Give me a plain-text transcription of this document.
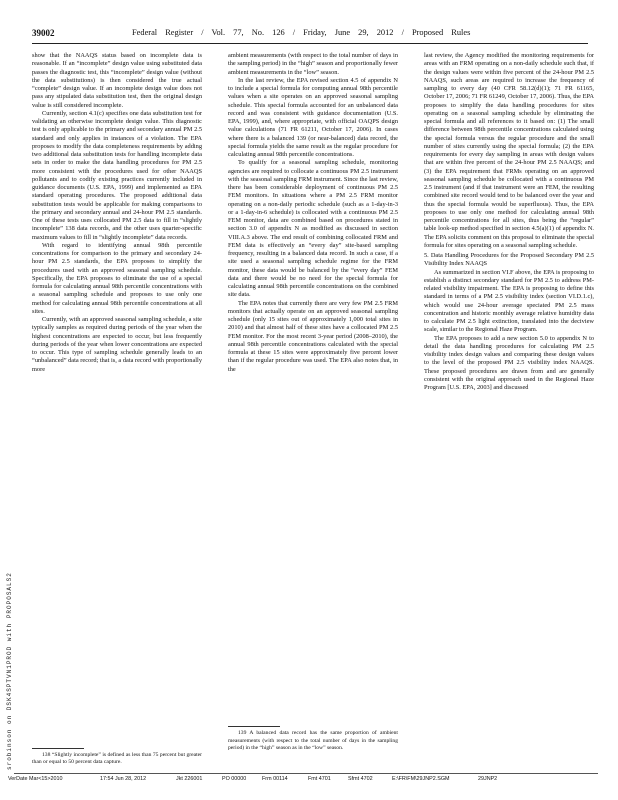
39002	Federal Register / Vol. 77, No. 126 / Friday, June 29, 2012 / Proposed Rules

show that the NAAQS status based on incomplete data is reasonable. If an “incomplete” design value using substituted data passes the diagnostic test, this “incomplete” design value (without the data substitutions) is then considered the true actual “complete” design value. If an incomplete design value does not pass any stipulated data substitution test, then the original design value is still considered incomplete.

Currently, section 4.1(c) specifies one data substitution test for validating an otherwise incomplete design value. This diagnostic test is only applicable to the primary and secondary annual PM 2.5 standard and only applies in instances of a violation. The EPA proposes to modify the data completeness requirements by adding two additional data substitution tests for handling incomplete data sets in order to make the data handling procedures for PM 2.5 more consistent with the procedures used for other NAAQS pollutants and to codify existing practices currently included in guidance documents (U.S. EPA, 1999) and implemented as EPA standard operating procedures. The proposed additional data substitution tests would be applicable for making comparisons to the primary and secondary annual and 24-hour PM 2.5 standards. One of these tests uses collocated PM 2.5 data to fill in “slightly incomplete” 138 data records, and the other uses quarter-specific maximum values to fill in “slightly incomplete” data records.

With regard to identifying annual 98th percentile concentrations for comparison to the primary and secondary 24-hour PM 2.5 standards, the EPA proposes to simplify the procedures used with an approved seasonal sampling schedule. Specifically, the EPA proposes to eliminate the use of a special formula for calculating annual 98th percentile concentrations with a seasonal sampling schedule and proposes to use only one method for calculating annual 98th percentile concentrations at all sites.

Currently, with an approved seasonal sampling schedule, a site typically samples as required during periods of the year when the highest concentrations are expected to occur, but less frequently during periods of the year when lower concentrations are expected to occur. This type of sampling schedule generally leads to an “unbalanced” data record; that is, a data record with proportionally more

138 “Slightly incomplete” is defined as less than 75 percent but greater than or equal to 50 percent data capture.

ambient measurements (with respect to the total number of days in the sampling period) in the “high” season and proportionally fewer ambient measurements in the “low” season.

In the last review, the EPA revised section 4.5 of appendix N to include a special formula for computing annual 98th percentile values when a site operates on an approved seasonal sampling schedule. This special formula accounted for an unbalanced data record and was consistent with guidance documentation (U.S. EPA, 1999), and, where appropriate, with official OAQPS design value calculations (71 FR 61211, October 17, 2006). In cases where there is a balanced 139 (or near-balanced) data record, the special formula yields the same result as the regular procedure for calculating annual 98th percentile concentrations.

To qualify for a seasonal sampling schedule, monitoring agencies are required to collocate a continuous PM 2.5 instrument with the seasonal sampling FRM instrument. Since the last review, there has been considerable deployment of continuous PM 2.5 FEM monitors. In situations where a PM 2.5 FRM monitor operating on a non-daily periodic schedule (such as a 1-day-in-3 or a 1-day-in-6 schedule) is collocated with a continuous PM 2.5 FEM monitor, data are combined based on procedures stated in section 3.0 of appendix N as modified as discussed in section VIII.A.3 above. The end result of combining collocated FRM and FEM data is effectively an “every day” site-based sampling frequency, resulting in a balanced data record. In such a case, if a site used a seasonal sampling schedule regime for the FRM monitor, these data would be balanced by the “every day” FEM data and there would be no need for the special formula for calculating annual 98th percentile concentrations on the combined site data.

The EPA notes that currently there are very few PM 2.5 FRM monitors that actually operate on an approved seasonal sampling schedule (only 15 sites out of approximately 1,000 total sites in 2010) and that almost half of these sites have a collocated PM 2.5 FEM monitor. For the most recent 3-year period (2008–2010), the annual 98th percentile concentrations calculated with the special formula at these 15 sites were approximately five percent lower than if the regular procedure was used. The EPA also notes that, in the

139 A balanced data record has the same proportion of ambient measurements (with respect to the total number of days in the sampling period) in the “high” season as in the “low” season.

last review, the Agency modified the monitoring requirements for areas with an FRM operating on a non-daily schedule such that, if the design values were within five percent of the 24-hour PM 2.5 NAAQS, such areas are required to increase the frequency of sampling to every day (40 CFR 58.12(d)(1); 71 FR 61165, October 17, 2006; 71 FR 61249, October 17, 2006). Thus, the EPA proposes to simplify the data handling procedures for sites operating on a seasonal sampling schedule by eliminating the special formula and all references to it based on: (1) The small difference between 98th percentile concentrations calculated using the special formula versus the regular procedure and the small number of sites currently using the special formula; (2) the EPA requirements for every day sampling in areas with design values that are within five percent of the 24-hour PM 2.5 NAAQS; and (3) the EPA requirement that FRMs operating on an approved seasonal sampling schedule be collocated with a continuous PM 2.5 instrument (and if that instrument were an FEM, the resulting combined site record would tend to be balanced over the year and thus the special formula would be superfluous). Thus, the EPA proposes to use only one method for calculating annual 98th percentile concentrations for all sites, thus being the “regular” table look-up method specified in section 4.5(a)(1) of appendix N. The EPA solicits comment on this proposal to eliminate the special formula for sites operating on a seasonal sampling schedule.

5. Data Handling Procedures for the Proposed Secondary PM 2.5 Visibility Index NAAQS

As summarized in section VI.F above, the EPA is proposing to establish a distinct secondary standard for PM 2.5 to address PM-related visibility impairment. The EPA is proposing to define this standard in terms of a PM 2.5 visibility index (section VI.D.1.c), which would use 24-hour average speciated PM 2.5 mass concentration and historic monthly average relative humidity data to calculate PM 2.5 light extinction, translated into the deciview scale, similar to the Regional Haze Program.

The EPA proposes to add a new section 5.0 to appendix N to detail the data handling procedures for calculating PM 2.5 visibility index design values and comparing these design values to the level of the proposed PM 2.5 visibility index NAAQS. These proposed procedures are drawn from and are generally consistent with the original approach used in the Regional Haze Program [U.S. EPA, 2003] and discussed

srobinson on DSK4SPTVN1PROD with PROPOSALS2
VerDate Mar<15>2010	17:54 Jun 28, 2012	Jkt 226001	PO 00000	Frm 00114	Fmt 4701	Sfmt 4702	E:\FR\FM\29JNP2.SGM	29JNP2
